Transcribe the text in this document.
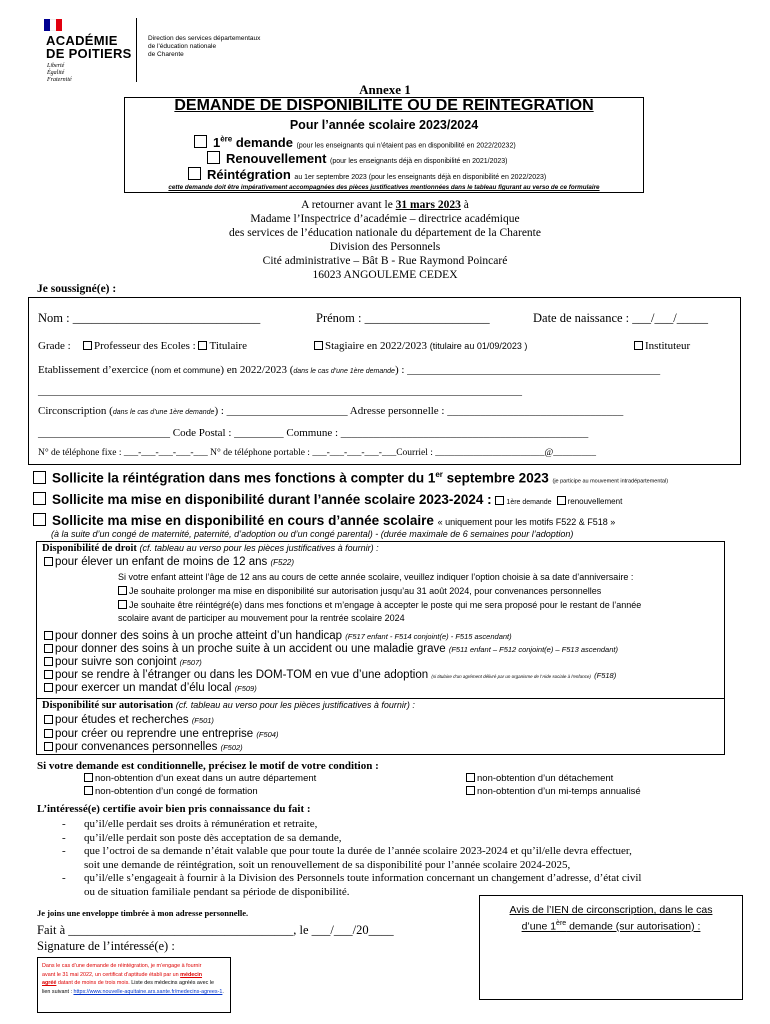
ACADÉMIE
DE POITIERS
Liberté
Égalité
Fraternité
Direction des services départementaux
de l'éducation nationale
de Charente
Annexe 1
DEMANDE DE DISPONIBILITE OU DE REINTEGRATION
Pour l’année scolaire 2023/2024
1ère demande (pour les enseignants qui n’étaient pas en disponibilité en 2022/20232)
Renouvellement (pour les enseignants déjà en disponibilité en 2021/2023)
Réintégration au 1er septembre 2023 (pour les enseignants déjà en disponibilité en 2022/2023)
cette demande doit être impérativement accompagnées des pièces justificatives mentionnées dans le tableau figurant au verso de ce formulaire
A retourner avant le 31 mars 2023 à
Madame l’Inspectrice d’académie – directrice académique
des services de l’éducation nationale du département de la Charente
Division des Personnels
Cité administrative – Bât B - Rue Raymond Poincaré
16023 ANGOULEME CEDEX
Je soussigné(e) :
Nom : ______________________________	Prénom : ____________________	Date de naissance : ___/___/_____
Grade :	Professeur des Ecoles : Titulaire	Stagiaire en 2022/2023 (titulaire au 01/09/2023 )	Instituteur
Etablissement d’exercice (nom et commune) en 2022/2023 (dans le cas d’une 1ère demande) : ______________________________________________
________________________________________________________________________________________
Circonscription (dans le cas d’une 1ère demande) : ______________________ Adresse personnelle : ________________________________
________________________ Code Postal : _________ Commune : _____________________________________________
N° de téléphone fixe : ___-___-___-___-___ N° de téléphone portable : ___-___-___-___-___Courriel : _______________________@_________
Sollicite la réintégration dans mes fonctions à compter du 1er septembre 2023 (je participe au mouvement intradépartemental)
Sollicite ma mise en disponibilité durant l’année scolaire 2023-2024 : 1ère demande renouvellement
Sollicite ma mise en disponibilité en cours d’année scolaire « uniquement pour les motifs F522 & F518 »
(à la suite d’un congé de maternité, paternité, d’adoption ou d’un congé parental) - (durée maximale de 6 semaines pour l’adoption)
Disponibilité de droit (cf. tableau au verso pour les pièces justificatives à fournir) :
pour élever un enfant de moins de 12 ans (F522)
Si votre enfant atteint l’âge de 12 ans au cours de cette année scolaire, veuillez indiquer l’option choisie à sa date d’anniversaire :
Je souhaite prolonger ma mise en disponibilité sur autorisation jusqu’au 31 août 2024, pour convenances personnelles
Je souhaite être réintégré(e) dans mes fonctions et m’engage à accepter le poste qui me sera proposé pour le restant de l’année
scolaire avant de participer au mouvement pour la rentrée scolaire 2024
pour donner des soins à un proche atteint d’un handicap (F517 enfant - F514 conjoint(e) - F515 ascendant)
pour donner des soins à un proche suite à un accident ou une maladie grave (F511 enfant – F512 conjoint(e) – F513 ascendant)
pour suivre son conjoint (F507)
pour se rendre à l’étranger ou dans les DOM-TOM en vue d’une adoption (si titulaire d’un agrément délivré par un organisme de l’Aide sociale à l’enfance) (F518)
pour exercer un mandat d’élu local (F509)
Disponibilité sur autorisation (cf. tableau au verso pour les pièces justificatives à fournir) :
pour études et recherches (F501)
pour créer ou reprendre une entreprise (F504)
pour convenances personnelles (F502)
Si votre demande est conditionnelle, précisez le motif de votre condition :
non-obtention d’un exeat dans un autre département
non-obtention d’un congé de formation
non-obtention d’un détachement
non-obtention d’un mi-temps annualisé
L’intéressé(e) certifie avoir bien pris connaissance du fait :
- qu’il/elle perdait ses droits à rémunération et retraite,
- qu’il/elle perdait son poste dès acceptation de sa demande,
- que l’octroi de sa demande n’était valable que pour toute la durée de l’année scolaire 2023-2024 et qu’il/elle devra effectuer,
soit une demande de réintégration, soit un renouvellement de sa disponibilité pour l’année scolaire 2024-2025,
- qu’il/elle s’engageait à fournir à la Division des Personnels toute information concernant un changement d’adresse, d’état civil
ou de situation familiale pendant sa période de disponibilité.
Je joins une enveloppe timbrée à mon adresse personnelle.
Fait à ____________________________________, le ___/___/20____
Signature de l’intéressé(e) :
Avis de l’IEN de circonscription, dans le cas
d’une 1ère demande (sur autorisation) :
Dans le cas d’une demande de réintégration, je m’engage à fournir
avant le 31 mai 2022, un certificat d’aptitude établi par un médecin
agréé datant de moins de trois mois. Liste des médecins agréés avec le
lien suivant : https://www.nouvelle-aquitaine.ars.sante.fr/medecins-agrees-1.
